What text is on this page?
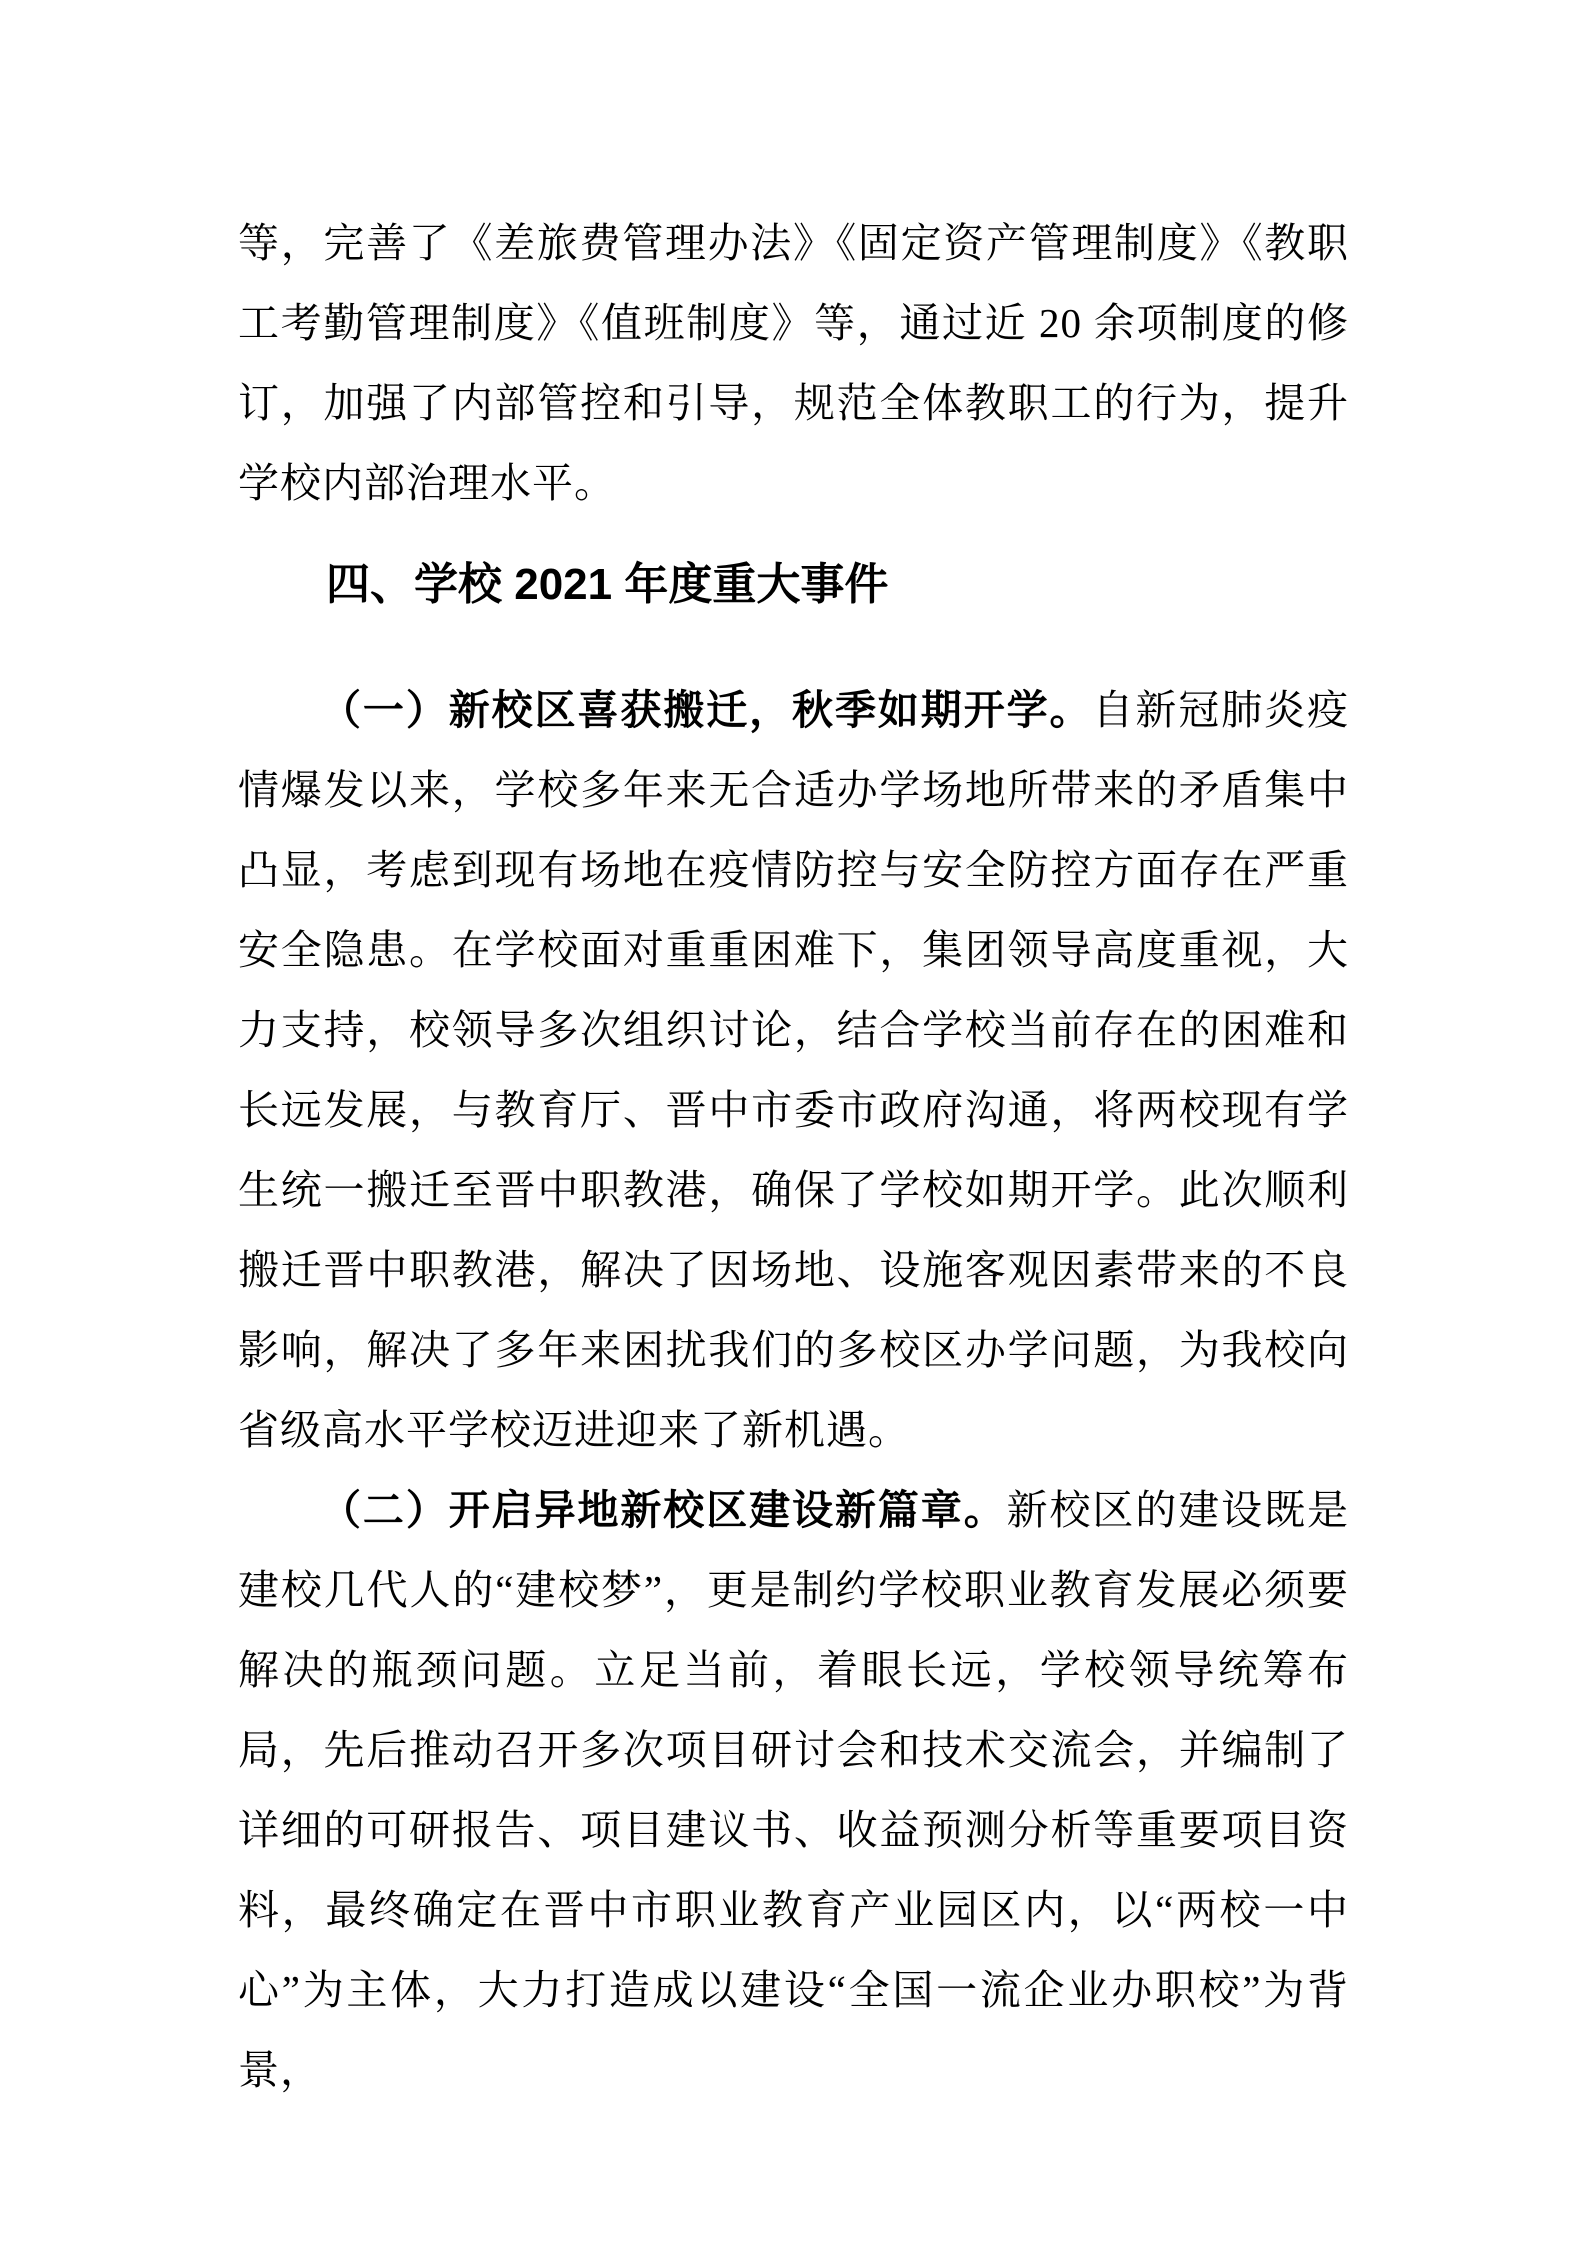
等，完善了《差旅费管理办法》《固定资产管理制度》《教职工考勤管理制度》《值班制度》等，通过近 20 余项制度的修订，加强了内部管控和引导，规范全体教职工的行为，提升学校内部治理水平。

四、学校 2021 年度重大事件

（一）新校区喜获搬迁，秋季如期开学。自新冠肺炎疫情爆发以来，学校多年来无合适办学场地所带来的矛盾集中凸显，考虑到现有场地在疫情防控与安全防控方面存在严重安全隐患。在学校面对重重困难下，集团领导高度重视，大力支持，校领导多次组织讨论，结合学校当前存在的困难和长远发展，与教育厅、晋中市委市政府沟通，将两校现有学生统一搬迁至晋中职教港，确保了学校如期开学。此次顺利搬迁晋中职教港，解决了因场地、设施客观因素带来的不良影响，解决了多年来困扰我们的多校区办学问题，为我校向省级高水平学校迈进迎来了新机遇。

（二）开启异地新校区建设新篇章。新校区的建设既是建校几代人的“建校梦”，更是制约学校职业教育发展必须要解决的瓶颈问题。立足当前，着眼长远，学校领导统筹布局，先后推动召开多次项目研讨会和技术交流会，并编制了详细的可研报告、项目建议书、收益预测分析等重要项目资料，最终确定在晋中市职业教育产业园区内，以“两校一中心”为主体，大力打造成以建设“全国一流企业办职校”为背景，
